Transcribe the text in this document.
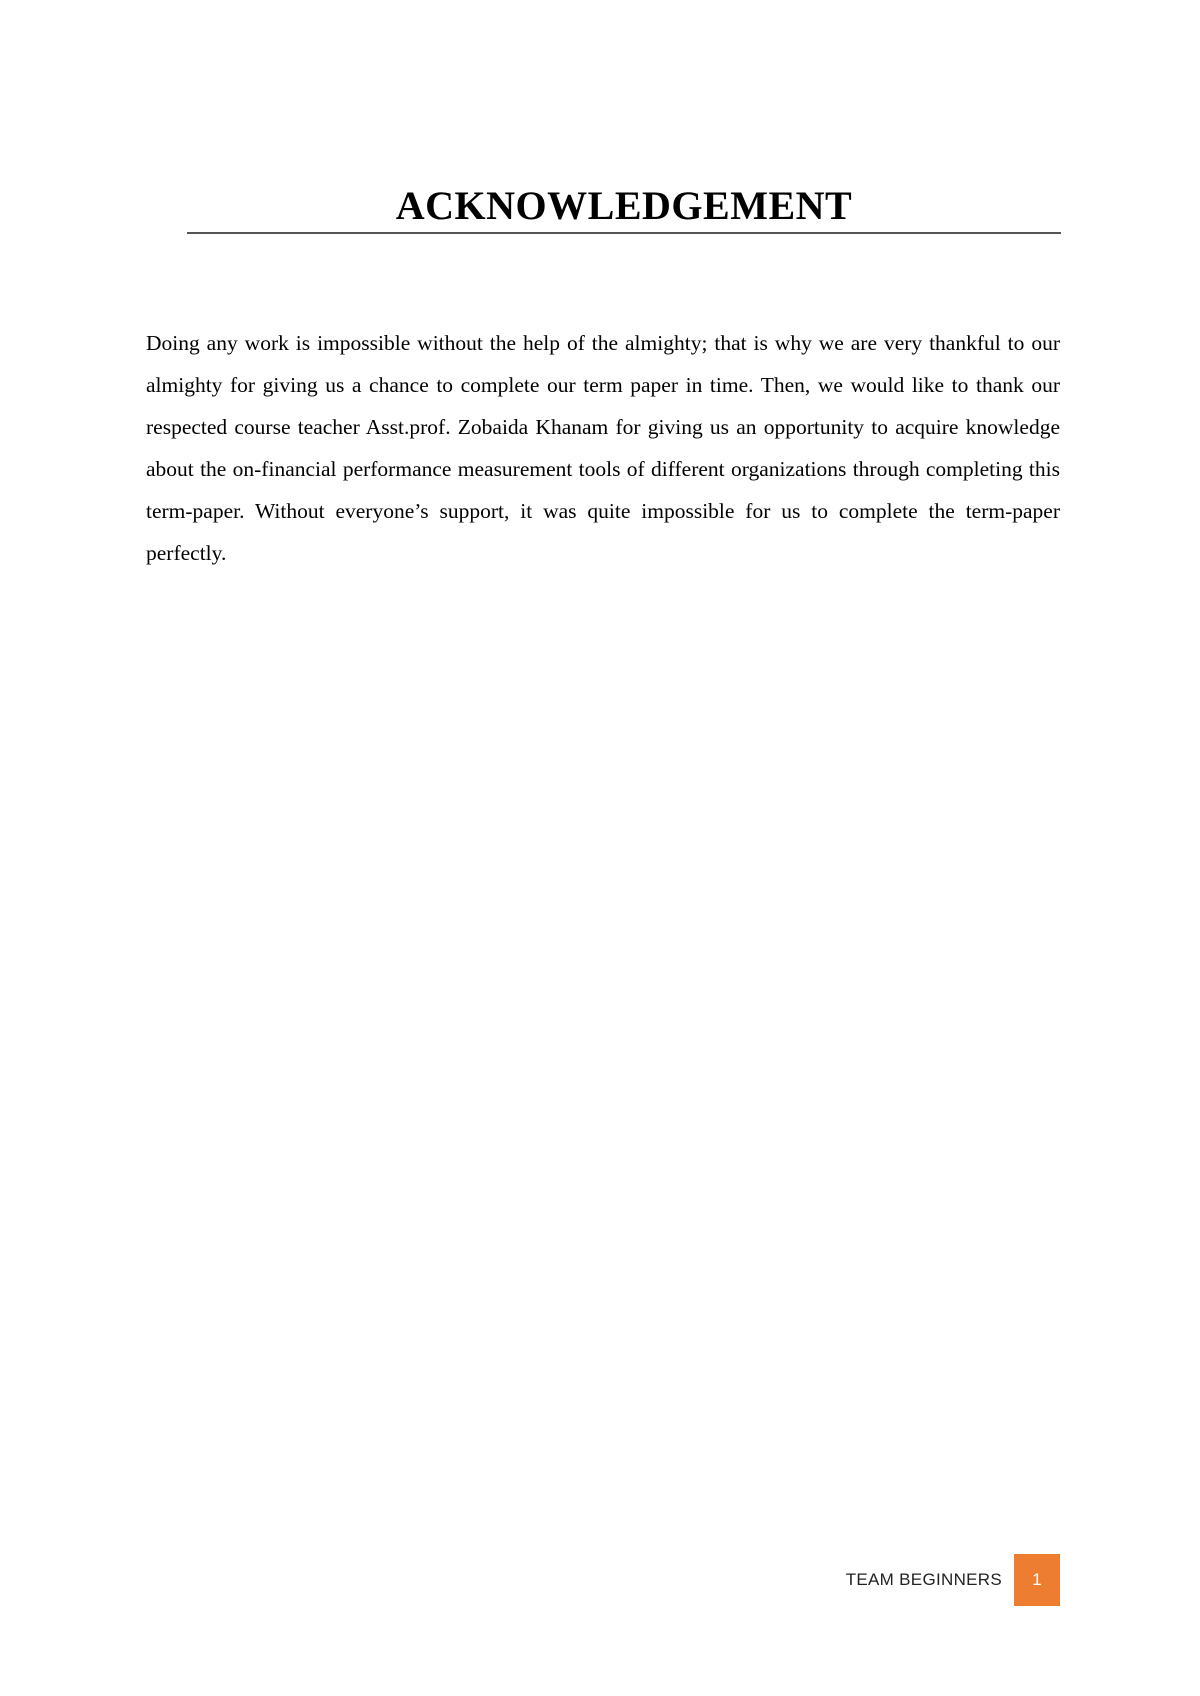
ACKNOWLEDGEMENT

Doing any work is impossible without the help of the almighty; that is why we are very thankful to our almighty for giving us a chance to complete our term paper in time. Then, we would like to thank our respected course teacher Asst.prof. Zobaida Khanam for giving us an opportunity to acquire knowledge about the on-financial performance measurement tools of different organizations through completing this term-paper. Without everyone’s support, it was quite impossible for us to complete the term-paper perfectly.

TEAM BEGINNERS	1
